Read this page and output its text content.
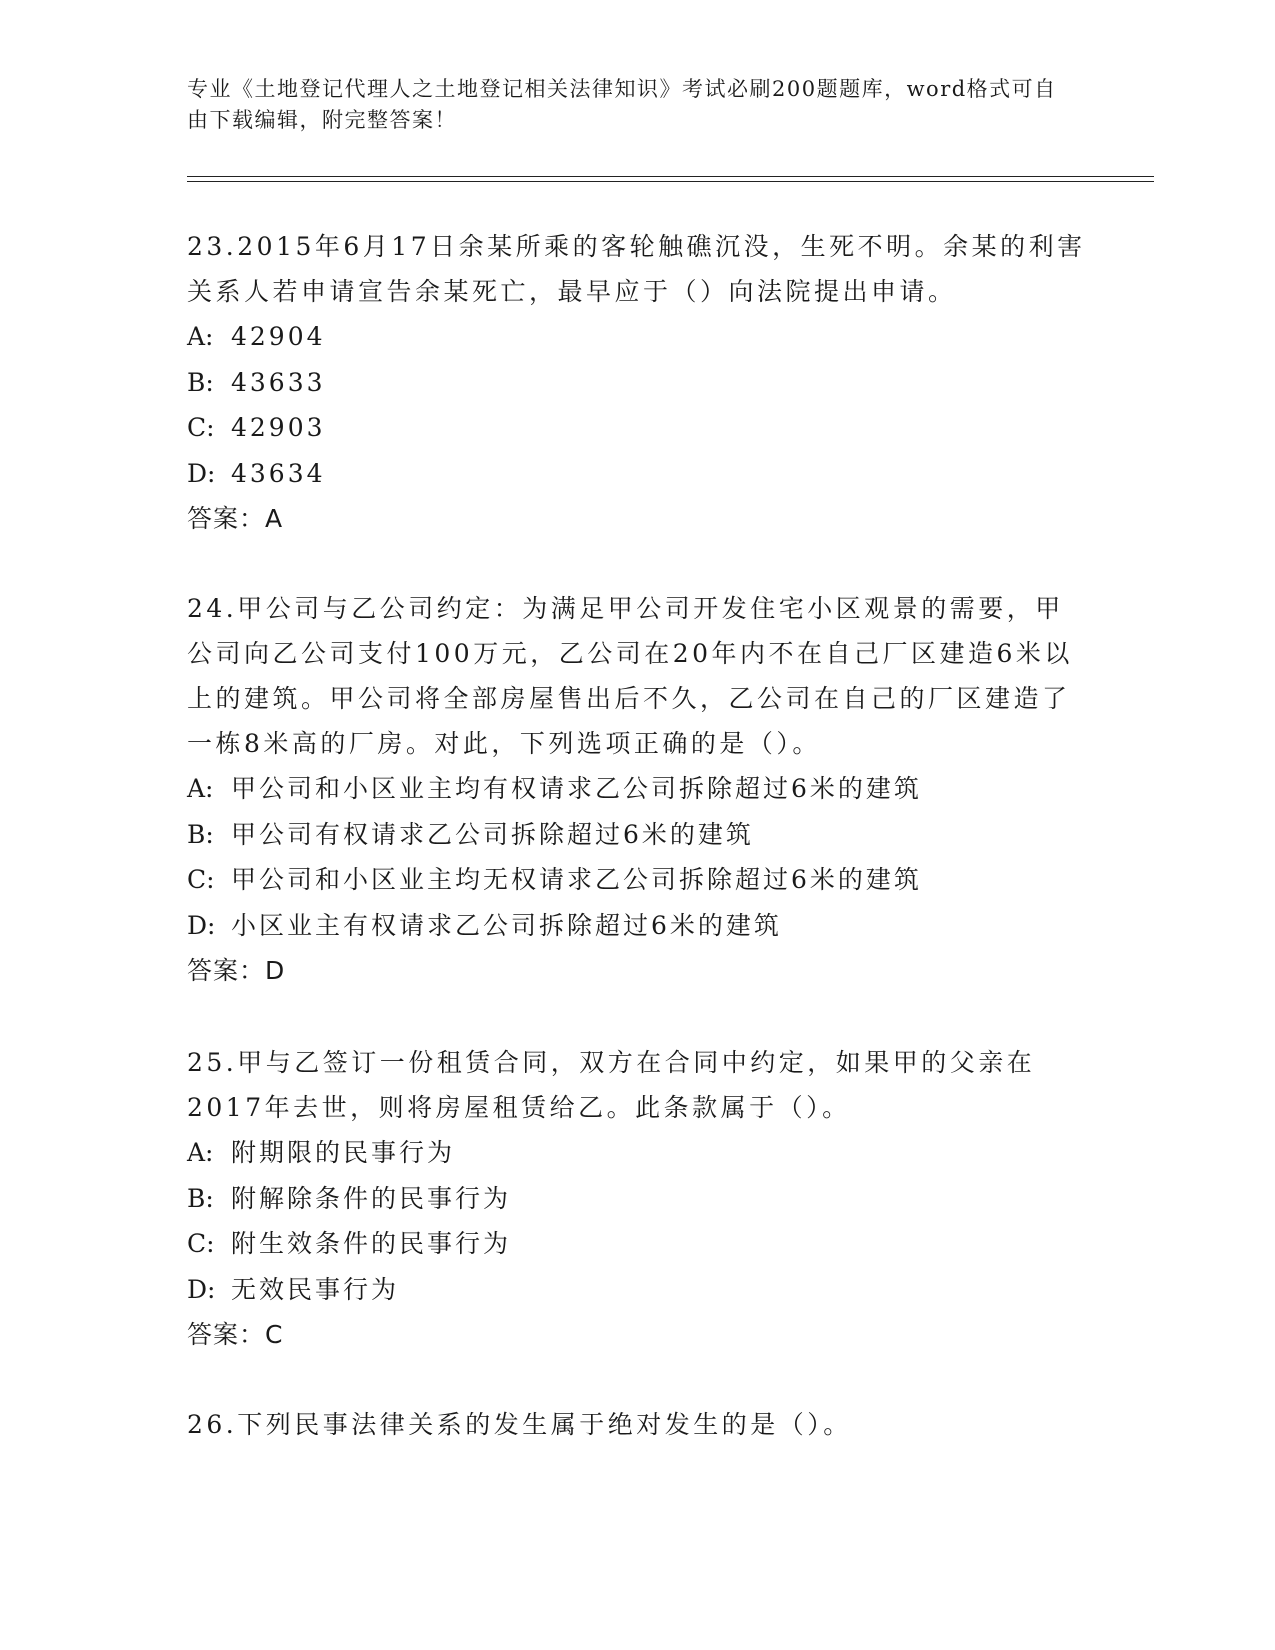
专业《土地登记代理人之土地登记相关法律知识》考试必刷200题题库，word格式可自由下载编辑，附完整答案！
23.2015年6月17日余某所乘的客轮触礁沉没，生死不明。余某的利害关系人若申请宣告余某死亡，最早应于（）向法院提出申请。
A: 42904
B: 43633
C: 42903
D: 43634
答案：A
24.甲公司与乙公司约定：为满足甲公司开发住宅小区观景的需要，甲公司向乙公司支付100万元，乙公司在20年内不在自己厂区建造6米以上的建筑。甲公司将全部房屋售出后不久，乙公司在自己的厂区建造了一栋8米高的厂房。对此，下列选项正确的是（）。
A: 甲公司和小区业主均有权请求乙公司拆除超过6米的建筑
B: 甲公司有权请求乙公司拆除超过6米的建筑
C: 甲公司和小区业主均无权请求乙公司拆除超过6米的建筑
D: 小区业主有权请求乙公司拆除超过6米的建筑
答案：D
25.甲与乙签订一份租赁合同，双方在合同中约定，如果甲的父亲在2017年去世，则将房屋租赁给乙。此条款属于（）。
A: 附期限的民事行为
B: 附解除条件的民事行为
C: 附生效条件的民事行为
D: 无效民事行为
答案：C
26.下列民事法律关系的发生属于绝对发生的是（）。
